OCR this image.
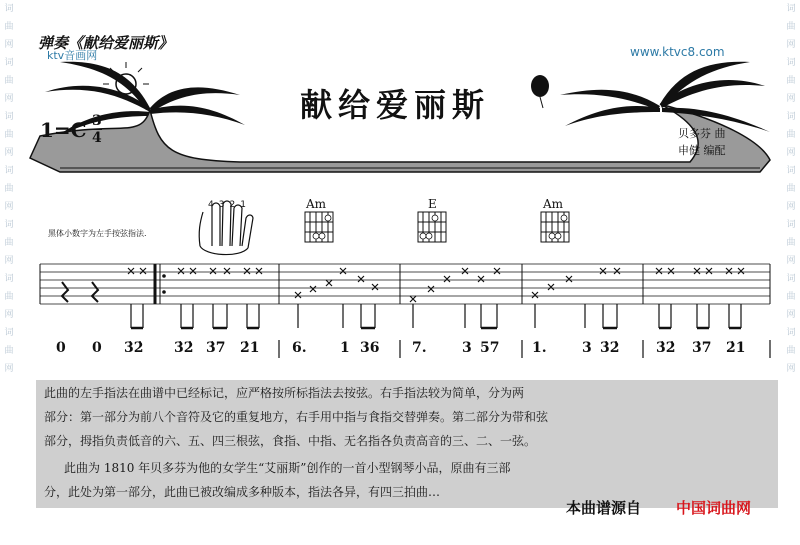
词
曲
网
词
曲
网
词
曲
网
词
曲
网
词
曲
网
词
曲
网
词
曲
网
词
曲
网
词
曲
网
词
曲
网
词
曲
网
词
曲
网
词
曲
网
词
曲
网
弹奏《献给爱丽斯》
ktv音画网	www.ktvc8.com
献给爱丽斯
1=C 3
4	贝多芬 曲
申健 编配
黑体小数字为左手按弦指法.
4321	Am	E	Am
0 0 3̇2̇ 3̇2̇ 3̇7 2̇1 6. 1 36 7.	3 57 1.	3 3̇2̇	3̇2̇ 3̇7 2̇1
此曲的左手指法在曲谱中已经标记，应严格按所标指法去按弦。右手指法较为简单，分为两
部分：第一部分为前八个音符及它的重复地方，右手用中指与食指交替弹奏。第二部分为带和弦
部分，拇指负责低音的六、五、四三根弦，食指、中指、无名指各负责高音的三、二、一弦。
此曲为 1810 年贝多芬为他的女学生“艾丽斯”创作的一首小型钢琴小品，原曲有三部
分，此处为第一部分，此曲已被改编成多种版本，指法各异，有四三拍曲…
本曲谱源自 中国词曲网
